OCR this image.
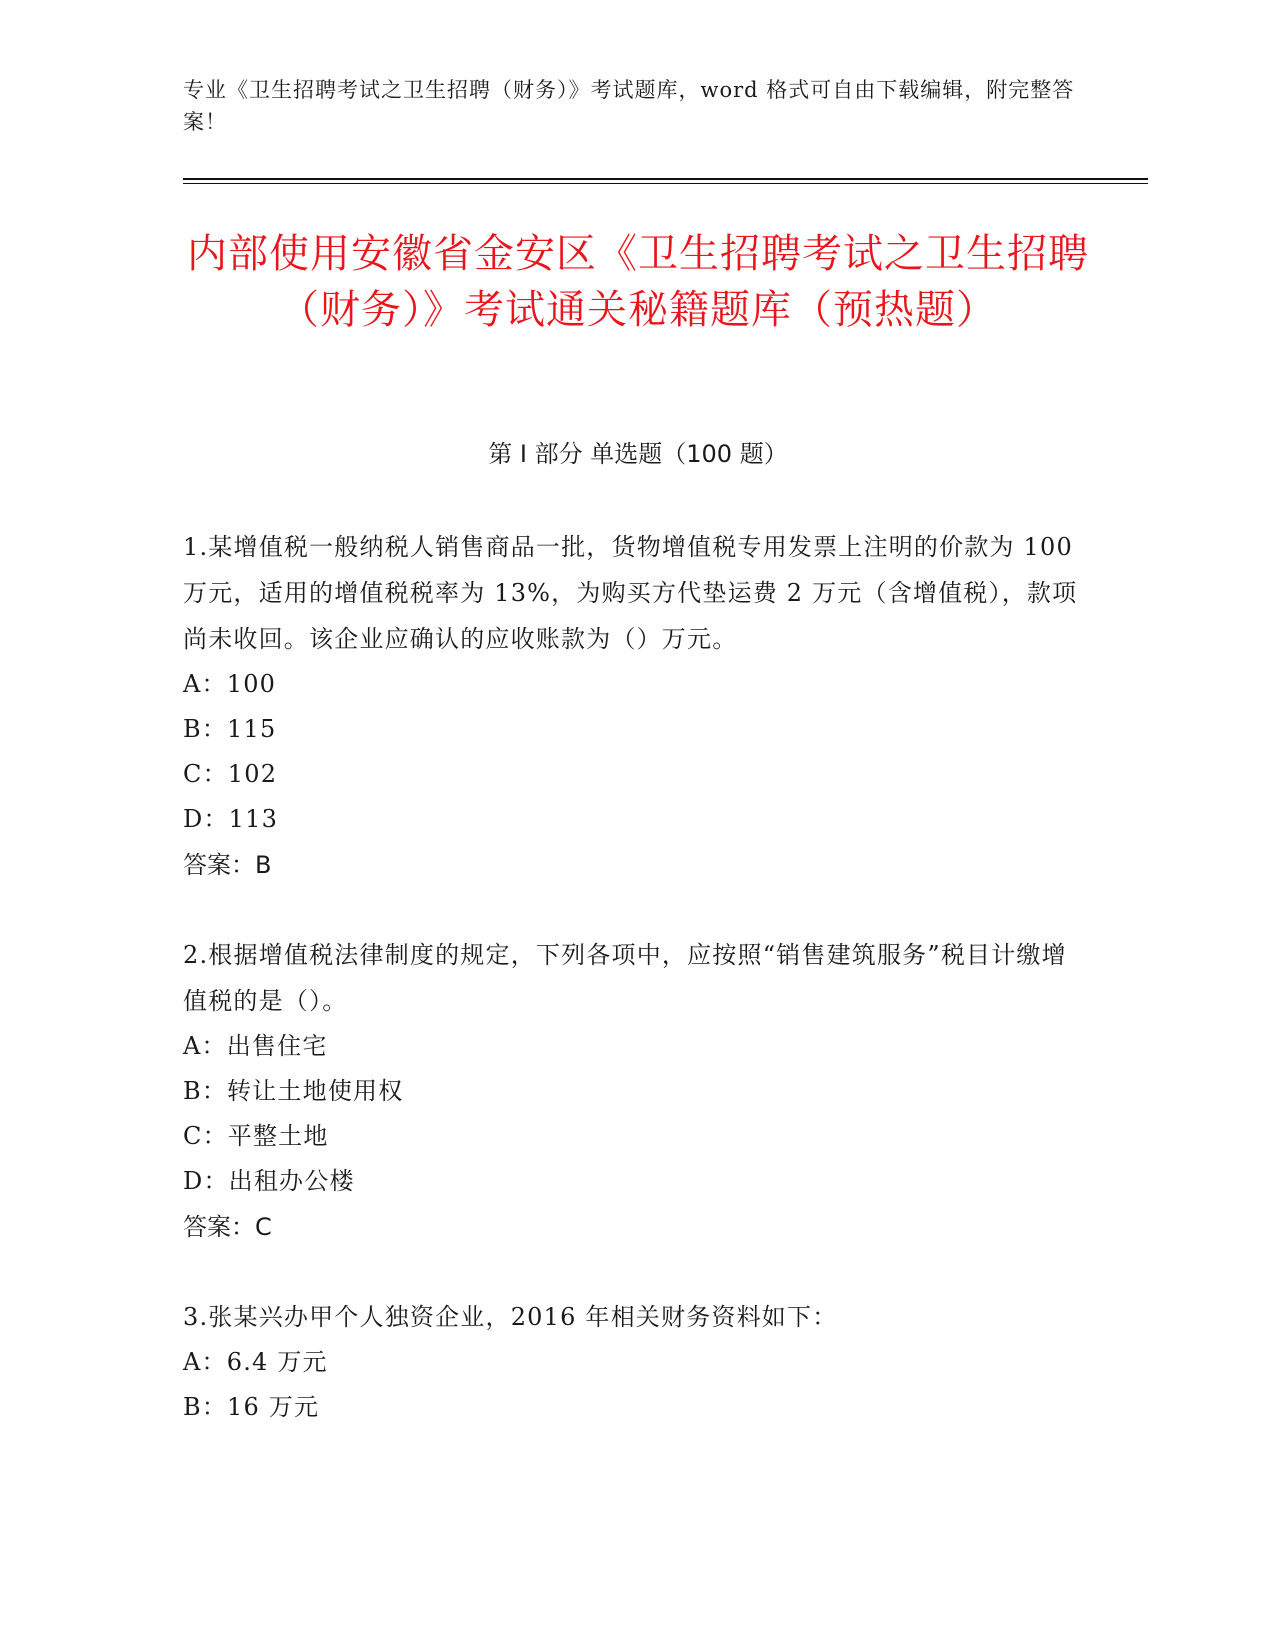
专业《卫生招聘考试之卫生招聘（财务）》考试题库，word 格式可自由下载编辑，附完整答案！
内部使用安徽省金安区《卫生招聘考试之卫生招聘（财务）》考试通关秘籍题库（预热题）
第 I 部分 单选题（100 题）

1.某增值税一般纳税人销售商品一批，货物增值税专用发票上注明的价款为 100 万元，适用的增值税税率为 13%，为购买方代垫运费 2 万元（含增值税），款项尚未收回。该企业应确认的应收账款为（）万元。

A：100

B：115

C：102

D：113

答案：B

2.根据增值税法律制度的规定，下列各项中，应按照“销售建筑服务”税目计缴增值税的是（）。

A：出售住宅

B：转让土地使用权

C：平整土地

D：出租办公楼

答案：C

3.张某兴办甲个人独资企业，2016 年相关财务资料如下：

A：6.4 万元

B：16 万元
